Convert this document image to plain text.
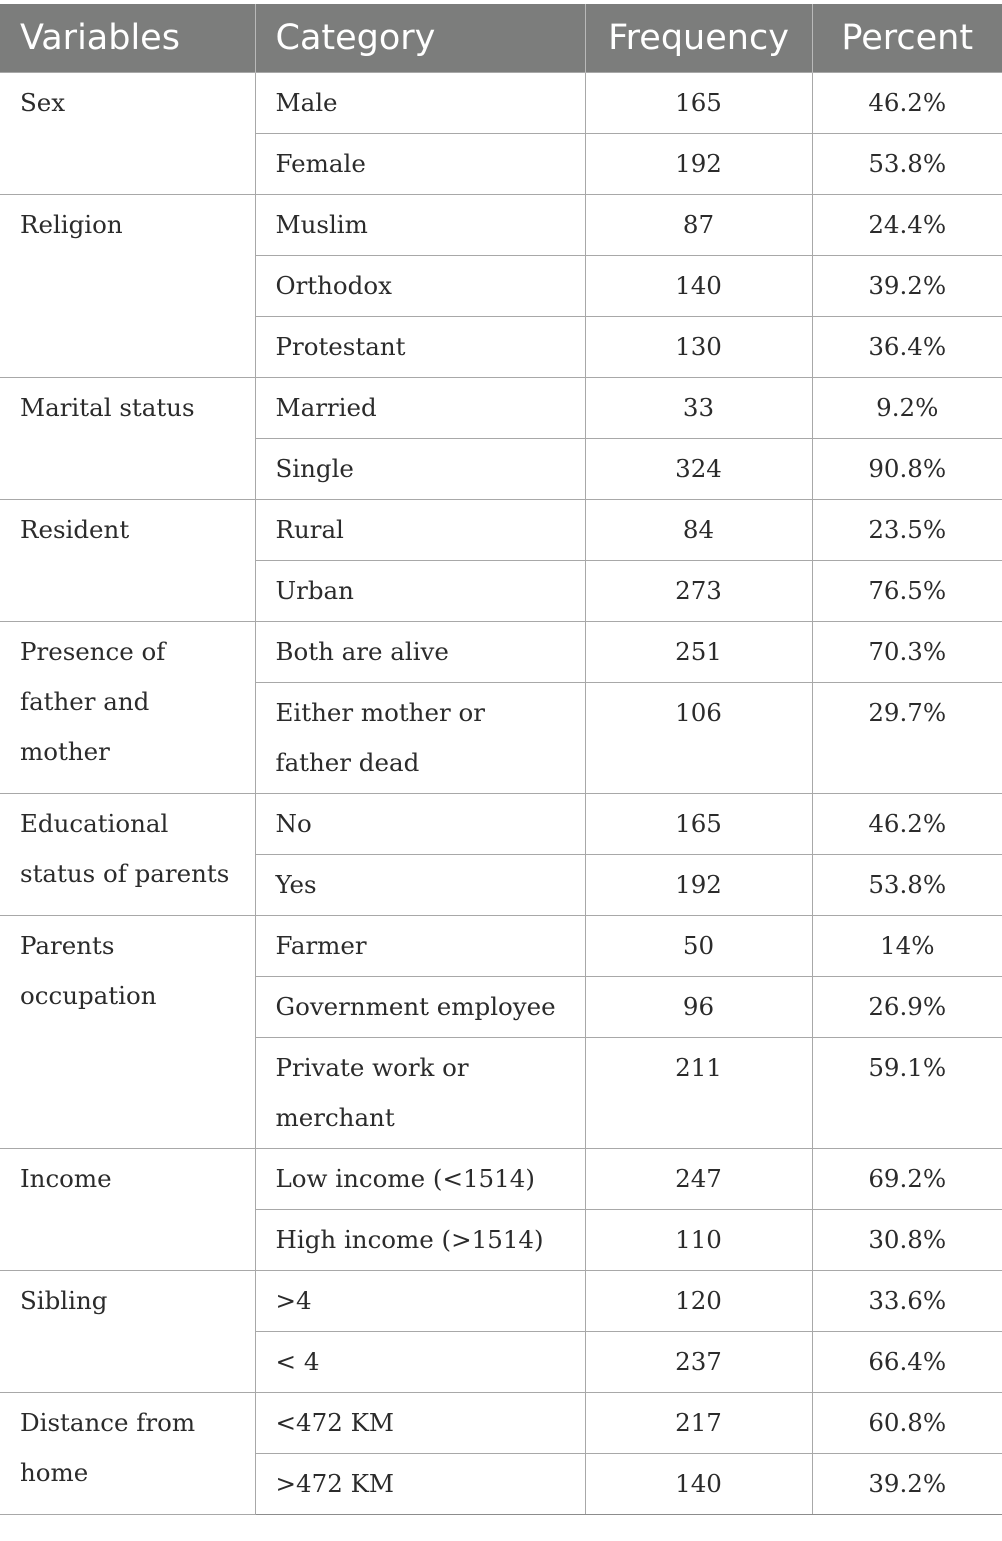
Variables	Category	Frequency	Percent
Sex	Male	165	46.2%
	Female	192	53.8%
Religion	Muslim	87	24.4%
	Orthodox	140	39.2%
	Protestant	130	36.4%
Marital status	Married	33	9.2%
	Single	324	90.8%
Resident	Rural	84	23.5%
	Urban	273	76.5%
Presence of father and mother	Both are alive	251	70.3%
	Either mother or father dead	106	29.7%
Educational status of parents	No	165	46.2%
	Yes	192	53.8%
Parents occupation	Farmer	50	14%
	Government employee	96	26.9%
	Private work or merchant	211	59.1%
Income	Low income (<1514)	247	69.2%
	High income (>1514)	110	30.8%
Sibling	>4	120	33.6%
	< 4	237	66.4%
Distance from home	<472 KM	217	60.8%
	>472 KM	140	39.2%
